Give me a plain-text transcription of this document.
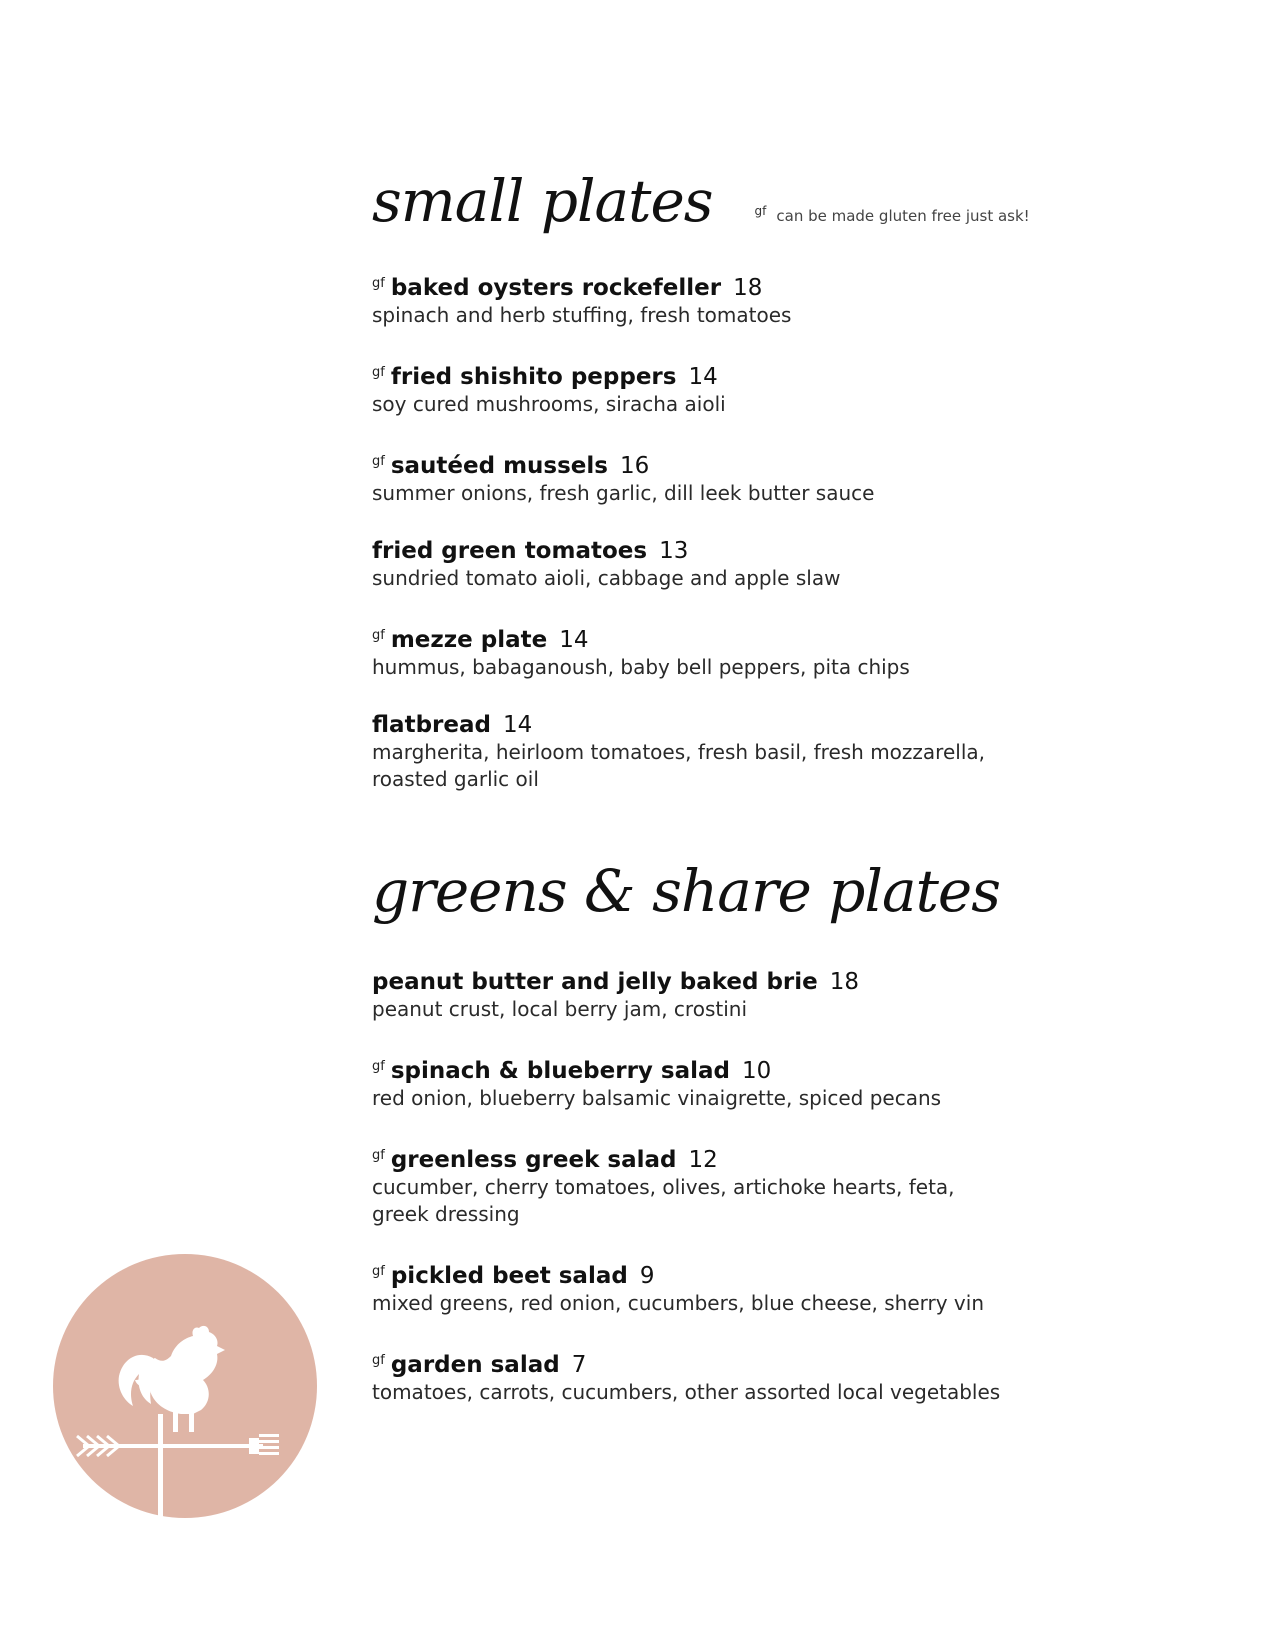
small plates	gf can be made gluten free just ask!
$^{gf}$ baked oysters rockefeller 18
spinach and herb stuffing, fresh tomatoes
$^{gf}$ fried shishito peppers 14
soy cured mushrooms, siracha aioli
$^{gf}$ sautéed mussels 16
summer onions, fresh garlic, dill leek butter sauce
fried green tomatoes 13
sundried tomato aioli, cabbage and apple slaw
$^{gf}$ mezze plate 14
hummus, babaganoush, baby bell peppers, pita chips
flatbread 14
margherita, heirloom tomatoes, fresh basil, fresh mozzarella, roasted garlic oil
greens & share plates
peanut butter and jelly baked brie 18
peanut crust, local berry jam, crostini
$^{gf}$ spinach & blueberry salad 10
red onion, blueberry balsamic vinaigrette, spiced pecans
$^{gf}$ greenless greek salad 12
cucumber, cherry tomatoes, olives, artichoke hearts, feta, greek dressing
$^{gf}$ pickled beet salad 9
mixed greens, red onion, cucumbers, blue cheese, sherry vin
$^{gf}$ garden salad 7
tomatoes, carrots, cucumbers, other assorted local vegetables
